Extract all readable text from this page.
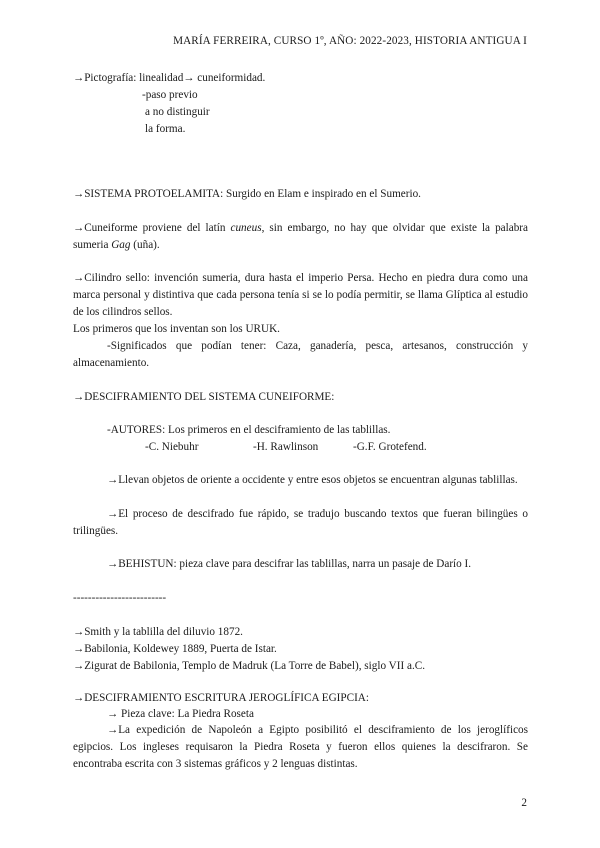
MARÍA FERREIRA, CURSO 1º, AÑO: 2022-2023, HISTORIA ANTIGUA I
→Pictografía: linealidad→ cuneiformidad.
-paso previo
a no distinguir
la forma.
→SISTEMA PROTOELAMITA: Surgido en Elam e inspirado en el Sumerio.
→Cuneiforme proviene del latín cuneus, sin embargo, no hay que olvidar que existe la palabra sumeria Gag (uña).
→Cilindro sello: invención sumeria, dura hasta el imperio Persa. Hecho en piedra dura como una marca personal y distintiva que cada persona tenía si se lo podía permitir, se llama Glíptica al estudio de los cilindros sellos.
Los primeros que los inventan son los URUK.
-Significados que podían tener: Caza, ganadería, pesca, artesanos, construcción y almacenamiento.
→DESCIFRAMIENTO DEL SISTEMA CUNEIFORME:
-AUTORES: Los primeros en el desciframiento de las tablillas.
-C. Niebuhr	-H. Rawlinson	-G.F. Grotefend.
→Llevan objetos de oriente a occidente y entre esos objetos se encuentran algunas tablillas.
→El proceso de descifrado fue rápido, se tradujo buscando textos que fueran bilingües o trilingües.
→BEHISTUN: pieza clave para descifrar las tablillas, narra un pasaje de Darío I.
-------------------------
→Smith y la tablilla del diluvio 1872.
→Babilonia, Koldewey 1889, Puerta de Istar.
→Zigurat de Babilonia, Templo de Madruk (La Torre de Babel), siglo VII a.C.
→DESCIFRAMIENTO ESCRITURA JEROGLÍFICA EGIPCIA:
→ Pieza clave: La Piedra Roseta
→La expedición de Napoleón a Egipto posibilitó el desciframiento de los jeroglíficos egipcios. Los ingleses requisaron la Piedra Roseta y fueron ellos quienes la descifraron. Se encontraba escrita con 3 sistemas gráficos y 2 lenguas distintas.
2
